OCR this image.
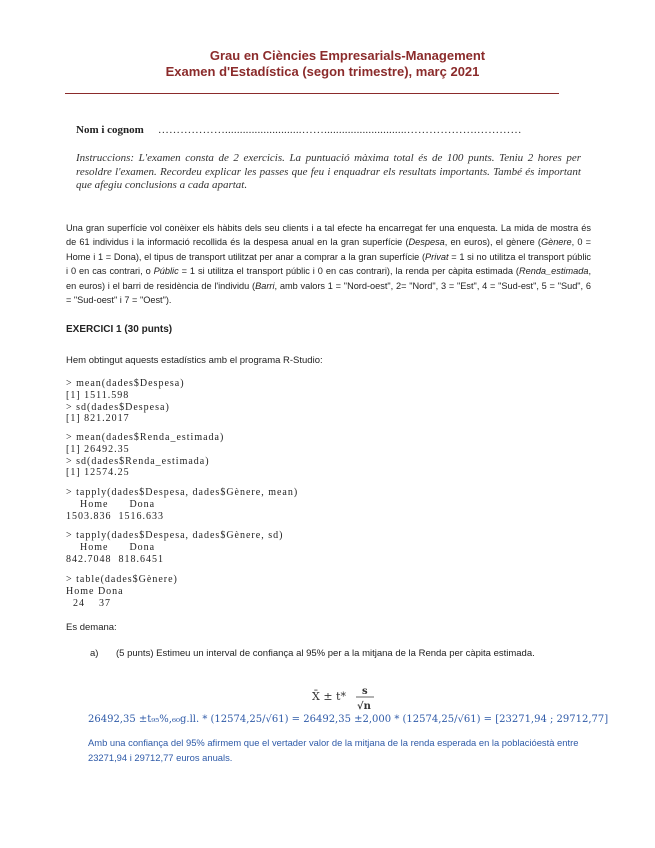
Grau en Ciències Empresarials-Management
Examen d'Estadística (segon trimestre), març 2021
Nom i cognom ………………..........................……............................……………….…………
Instruccions: L'examen consta de 2 exercicis. La puntuació màxima total és de 100 punts. Teniu 2 hores per resoldre l'examen. Recordeu explicar les passes que feu i enquadrar els resultats importants. També és important que afegiu conclusions a cada apartat.
Una gran superfície vol conèixer els hàbits dels seu clients i a tal efecte ha encarregat fer una enquesta. La mida de mostra és de 61 individus i la informació recollida és la despesa anual en la gran superfície (Despesa, en euros), el gènere (Gènere, 0 = Home i 1 = Dona), el tipus de transport utilitzat per anar a comprar a la gran superfície (Privat = 1 si no utilitza el transport públic i 0 en cas contrari, o Públic = 1 si utilitza el transport públic i 0 en cas contrari), la renda per càpita estimada (Renda_estimada, en euros) i el barri de residència de l'individu (Barri, amb valors 1 = "Nord-oest", 2= "Nord", 3 = "Est", 4 = "Sud-est", 5 = "Sud", 6 = "Sud-oest" i 7 = "Oest").
EXERCICI 1 (30 punts)
Hem obtingut aquests estadístics amb el programa R-Studio:
> mean(dades$Despesa)
[1] 1511.598
> sd(dades$Despesa)
[1] 821.2017
> mean(dades$Renda_estimada)
[1] 26492.35
> sd(dades$Renda_estimada)
[1] 12574.25
> tapply(dades$Despesa, dades$Gènere, mean)
Home      Dona
1503.836  1516.633
> tapply(dades$Despesa, dades$Gènere, sd)
Home      Dona
842.7048  818.6451
> table(dades$Gènere)
Home Dona
24    37
Es demana:
a) (5 punts) Estimeu un interval de confiança al 95% per a la mitjana de la Renda per càpita estimada.
X̄ ± t* s
√n
26492,35 ±t₉₅%,₆₀g.ll. * (12574,25/√61) = 26492,35 ±2,000 * (12574,25/√61) = [23271,94 ; 29712,77]
Amb una confiança del 95% afirmem que el vertader valor de la mitjana de la renda esperada en la poblacióestà entre 23271,94 i 29712,77 euros anuals.
